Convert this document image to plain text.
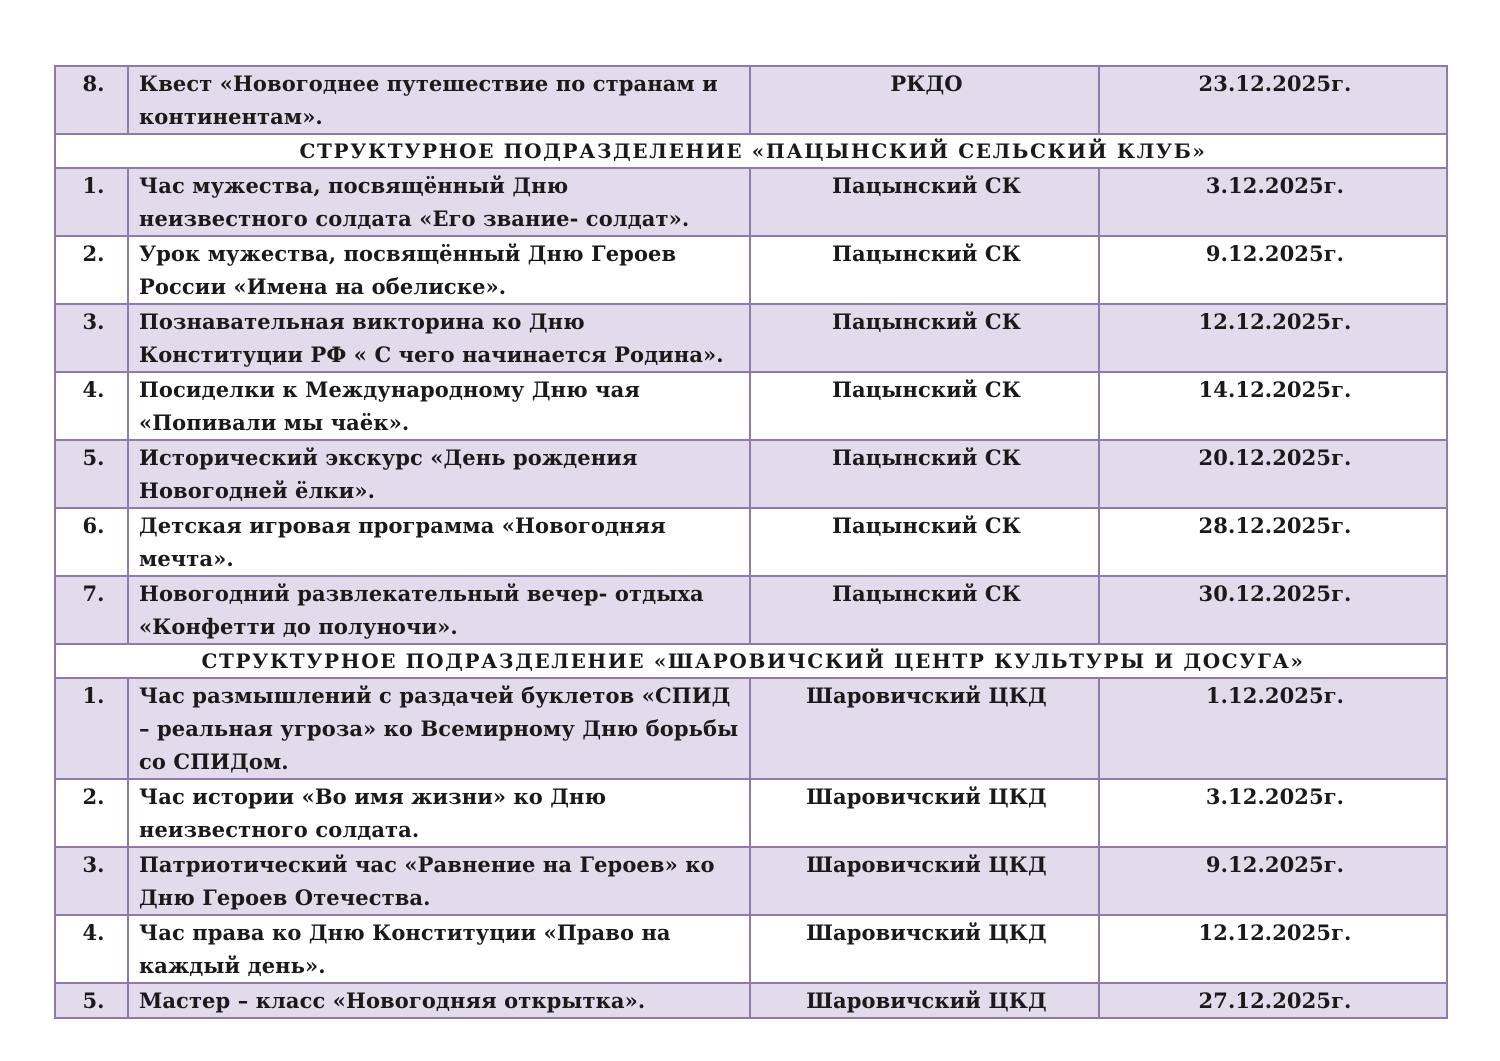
8.	Квест «Новогоднее путешествие по странам и континентам».	РКДО	23.12.2025г.
СТРУКТУРНОЕ ПОДРАЗДЕЛЕНИЕ «ПАЦЫНСКИЙ СЕЛЬСКИЙ КЛУБ»			
1.	Час мужества, посвящённый Дню неизвестного солдата «Его звание- солдат».	Пацынский СК	3.12.2025г.
2.	Урок мужества, посвящённый Дню Героев России «Имена на обелиске».	Пацынский СК	9.12.2025г.
3.	Познавательная викторина ко Дню Конституции РФ « С чего начинается Родина».	Пацынский СК	12.12.2025г.
4.	Посиделки к Международному Дню чая «Попивали мы чаёк».	Пацынский СК	14.12.2025г.
5.	Исторический экскурс «День рождения Новогодней ёлки».	Пацынский СК	20.12.2025г.
6.	Детская игровая программа «Новогодняя мечта».	Пацынский СК	28.12.2025г.
7.	Новогодний развлекательный вечер- отдыха «Конфетти до полуночи».	Пацынский СК	30.12.2025г.
СТРУКТУРНОЕ ПОДРАЗДЕЛЕНИЕ «ШАРОВИЧСКИЙ ЦЕНТР КУЛЬТУРЫ И ДОСУГА»			
1.	Час размышлений с раздачей буклетов «СПИД – реальная угроза» ко Всемирному Дню борьбы со СПИДом.	Шаровичский ЦКД	1.12.2025г.
2.	Час истории «Во имя жизни» ко Дню неизвестного солдата.	Шаровичский ЦКД	3.12.2025г.
3.	Патриотический час «Равнение на Героев» ко Дню Героев Отечества.	Шаровичский ЦКД	9.12.2025г.
4.	Час права ко Дню Конституции «Право на каждый день».	Шаровичский ЦКД	12.12.2025г.
5.	Мастер – класс «Новогодняя открытка».	Шаровичский ЦКД	27.12.2025г.
